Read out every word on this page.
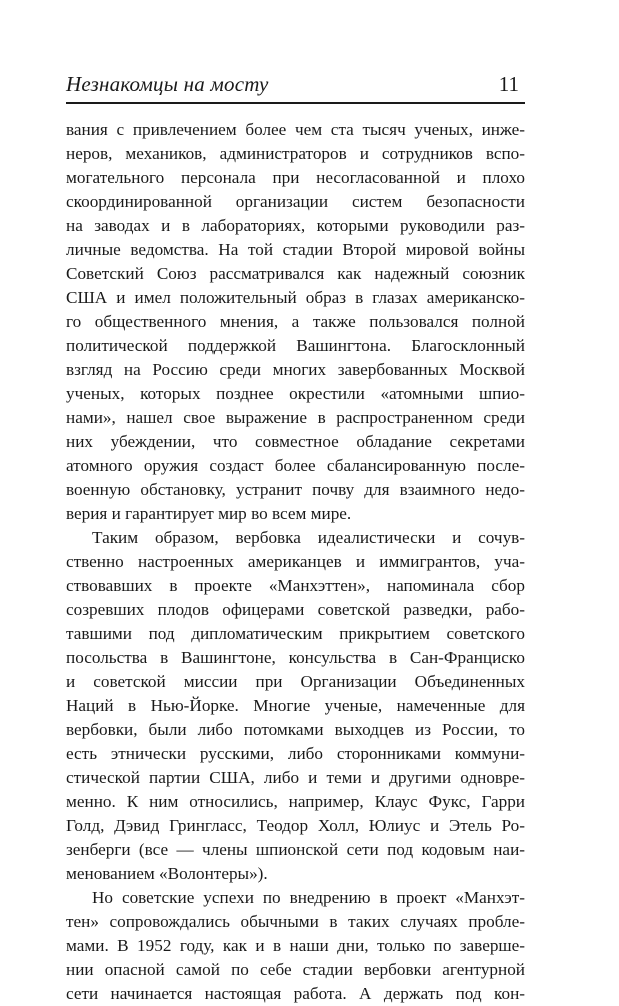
Незнакомцы на мосту	11
вания с привлечением более чем ста тысяч ученых, инже-
неров, механиков, администраторов и сотрудников вспо-
могательного персонала при несогласованной и плохо
скоординированной организации систем безопасности
на заводах и в лабораториях, которыми руководили раз-
личные ведомства. На той стадии Второй мировой войны
Советский Союз рассматривался как надежный союзник
США и имел положительный образ в глазах американско-
го общественного мнения, а также пользовался полной
политической поддержкой Вашингтона. Благосклонный
взгляд на Россию среди многих завербованных Москвой
ученых, которых позднее окрестили «атомными шпио-
нами», нашел свое выражение в распространенном среди
них убеждении, что совместное обладание секретами
атомного оружия создаст более сбалансированную после-
военную обстановку, устранит почву для взаимного недо-
верия и гарантирует мир во всем мире.
Таким образом, вербовка идеалистически и сочув-
ственно настроенных американцев и иммигрантов, уча-
ствовавших в проекте «Манхэттен», напоминала сбор
созревших плодов офицерами советской разведки, рабо-
тавшими под дипломатическим прикрытием советского
посольства в Вашингтоне, консульства в Сан-Франциско
и советской миссии при Организации Объединенных
Наций в Нью-Йорке. Многие ученые, намеченные для
вербовки, были либо потомками выходцев из России, то
есть этнически русскими, либо сторонниками коммуни-
стической партии США, либо и теми и другими одновре-
менно. К ним относились, например, Клаус Фукс, Гарри
Голд, Дэвид Грингласс, Теодор Холл, Юлиус и Этель Ро-
зенберги (все — члены шпионской сети под кодовым наи-
менованием «Волонтеры»).
Но советские успехи по внедрению в проект «Манхэт-
тен» сопровождались обычными в таких случаях пробле-
мами. В 1952 году, как и в наши дни, только по заверше-
нии опасной самой по себе стадии вербовки агентурной
сети начинается настоящая работа. А держать под кон-
